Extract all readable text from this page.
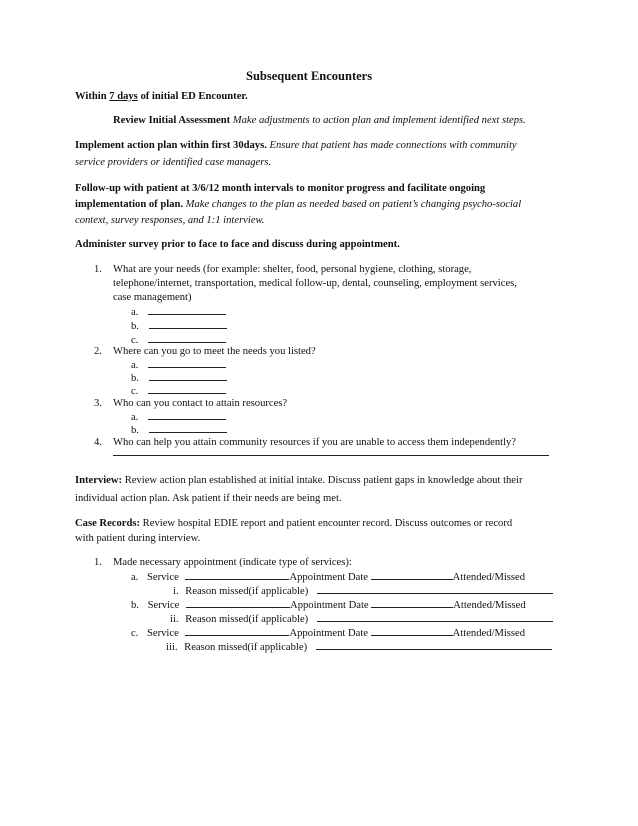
Subsequent Encounters
Within 7 days of initial ED Encounter.
Review Initial Assessment Make adjustments to action plan and implement identified next steps.
Implement action plan within first 30days. Ensure that patient has made connections with community
service providers or identified case managers.
Follow-up with patient at 3/6/12 month intervals to monitor progress and facilitate ongoing
implementation of plan. Make changes to the plan as needed based on patient’s changing psycho-social
context, survey responses, and 1:1 interview.
Administer survey prior to face to face and discuss during appointment.
1. What are your needs (for example: shelter, food, personal hygiene, clothing, storage,
telephone/internet, transportation, medical follow-up, dental, counseling, employment services,
case management)
a.
b.
c.
2. Where can you go to meet the needs you listed?
a.
b.
c.
3. Who can you contact to attain resources?
a.
b.
4. Who can help you attain community resources if you are unable to access them independently?
Interview: Review action plan established at initial intake. Discuss patient gaps in knowledge about their
individual action plan. Ask patient if their needs are being met.
Case Records: Review hospital EDIE report and patient encounter record. Discuss outcomes or record
with patient during interview.
1. Made necessary appointment (indicate type of services):
a. Service	Appointment Date	Attended/Missed
i. Reason missed(if applicable)
b. Service	Appointment Date	Attended/Missed
ii. Reason missed(if applicable)
c. Service	Appointment Date	Attended/Missed
iii. Reason missed(if applicable)
